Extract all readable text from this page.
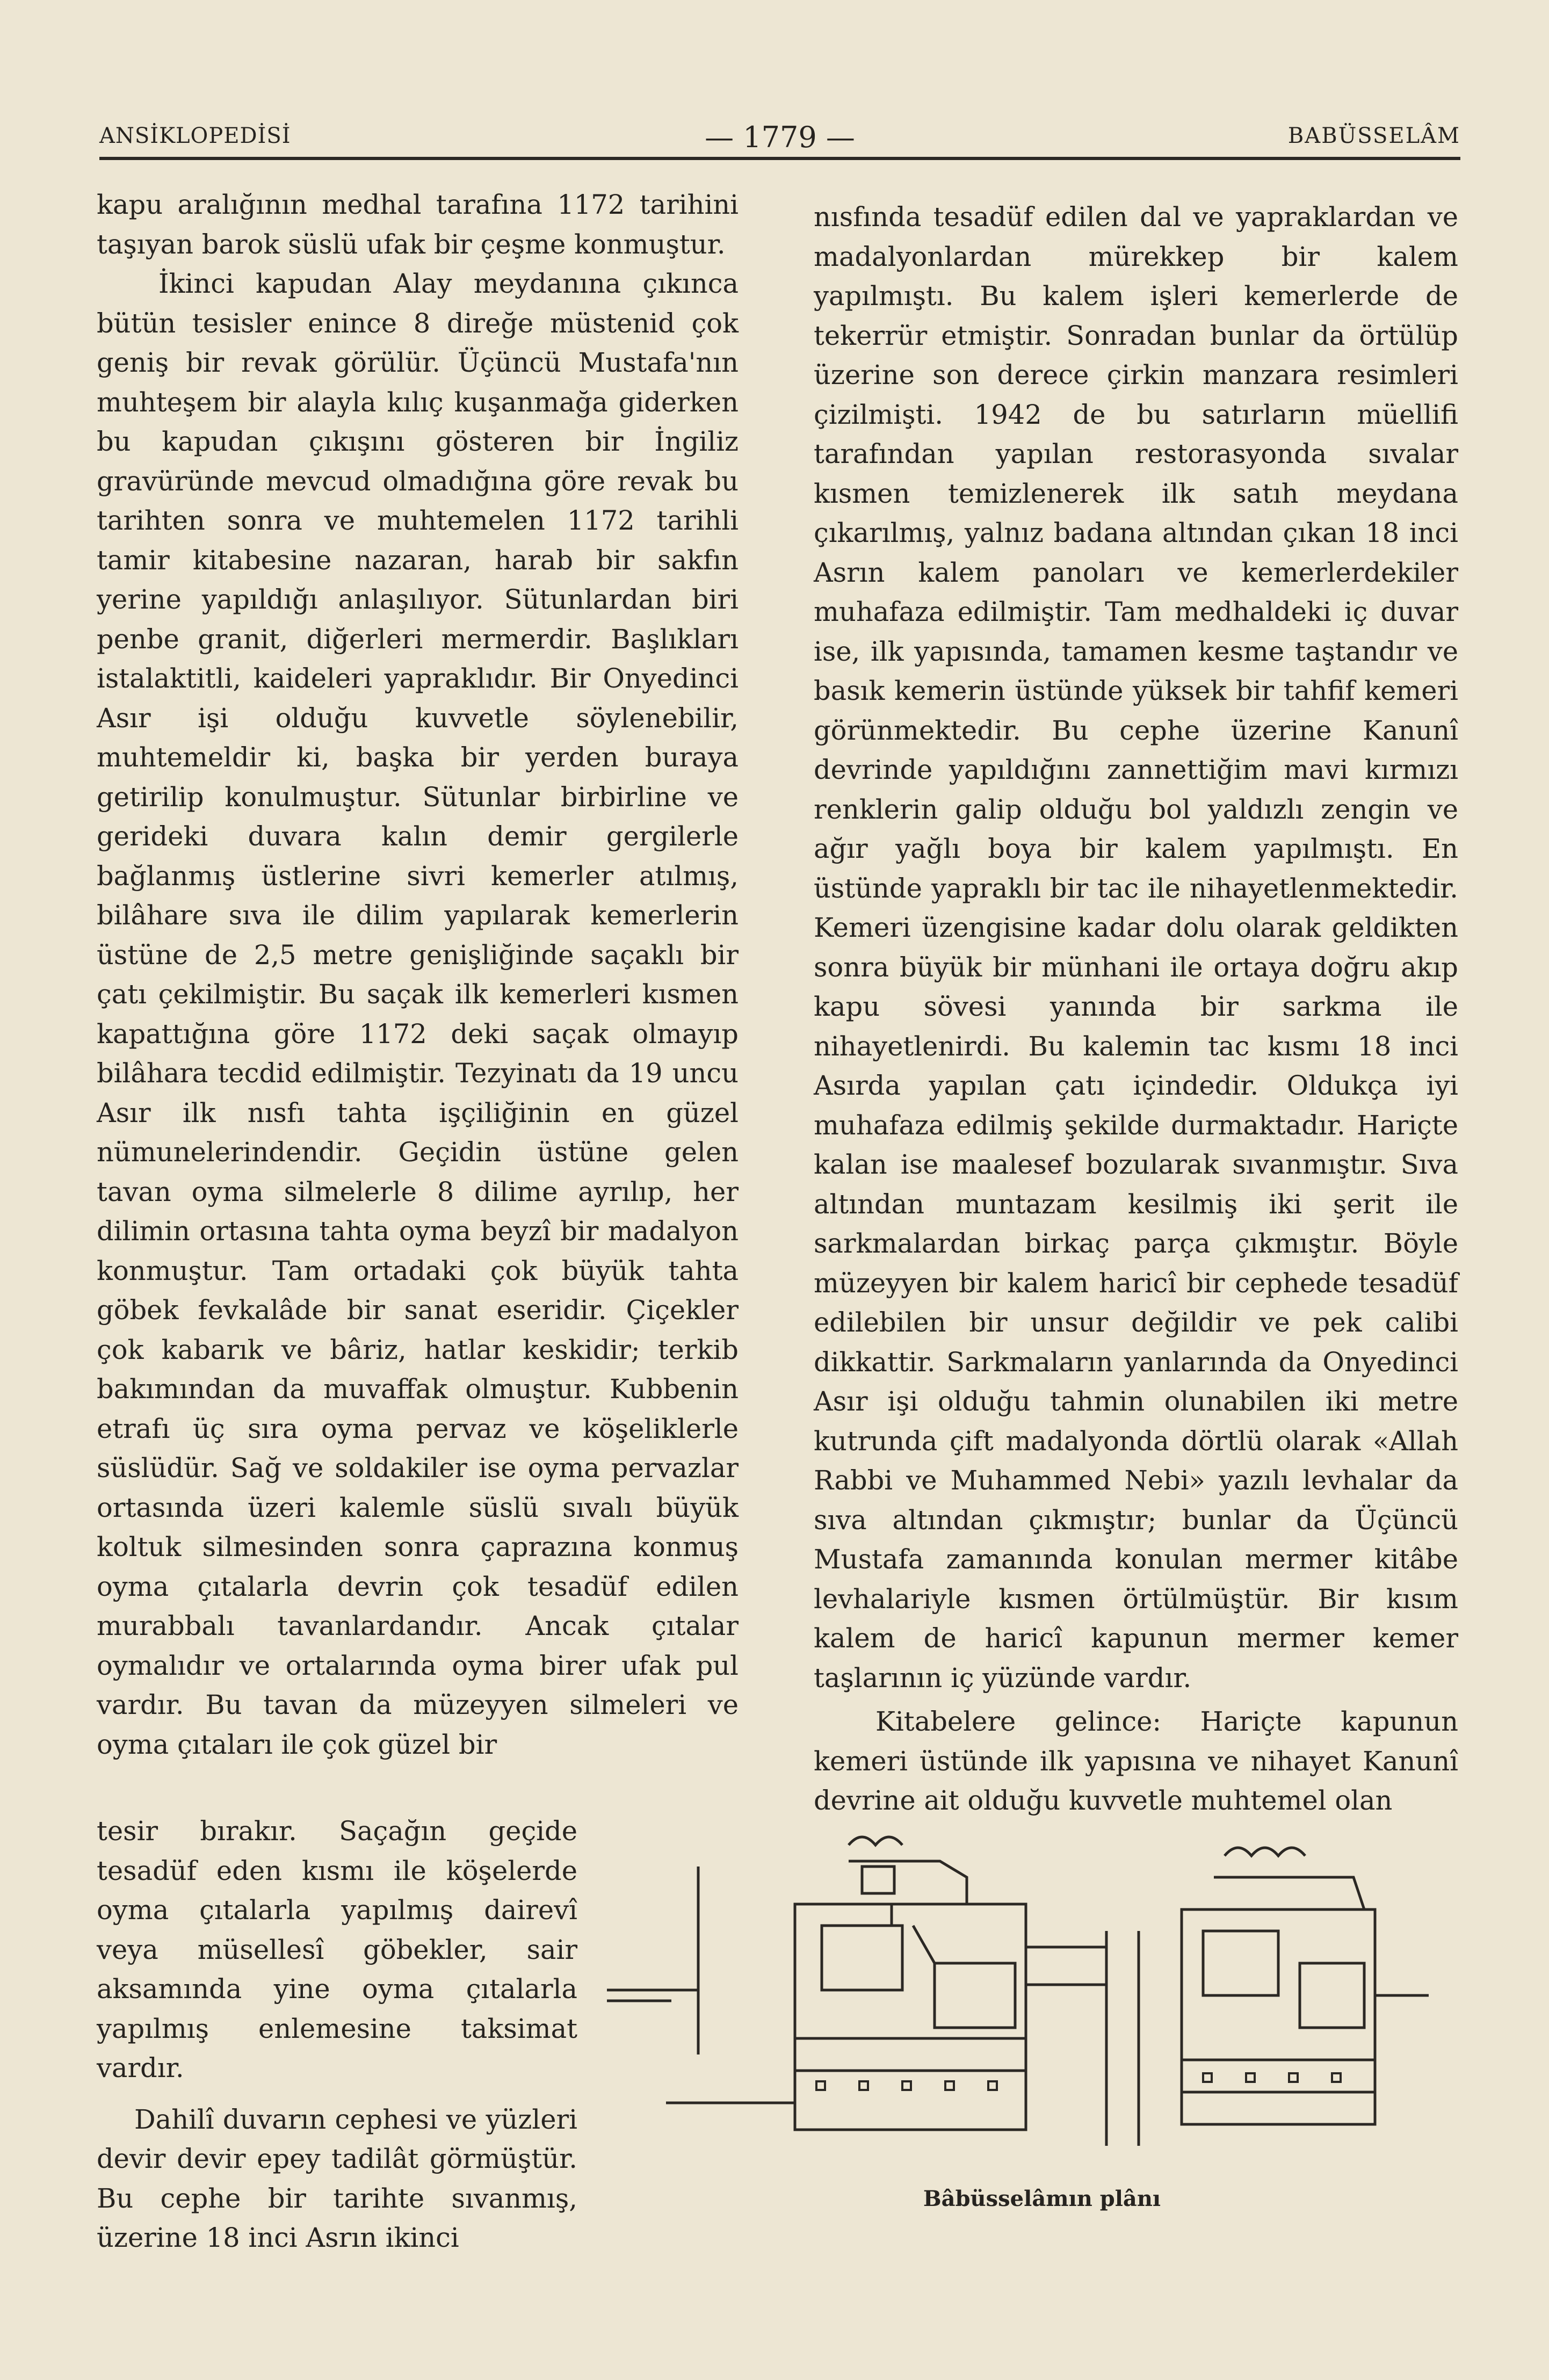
ANSİKLOPEDİSİ	— 1779 —	BABÜSSELÂM

kapu aralığının medhal tarafına 1172 tarihini taşıyan barok süslü ufak bir çeşme konmuştur.

İkinci kapudan Alay meydanına çıkınca bütün tesisler enince 8 direğe müstenid çok geniş bir revak görülür. Üçüncü Mustafa'nın muhteşem bir alayla kılıç kuşanmağa giderken bu kapudan çıkışını gösteren bir İngiliz gravüründe mevcud olmadığına göre revak bu tarihten sonra ve muhtemelen 1172 tarihli tamir kitabesine nazaran, harab bir sakfın yerine yapıldığı anlaşılıyor. Sütunlardan biri penbe granit, diğerleri mermerdir. Başlıkları istalaktitli, kaideleri yapraklıdır. Bir Onyedinci Asır işi olduğu kuvvetle söylenebilir, muhtemeldir ki, başka bir yerden buraya getirilip konulmuştur. Sütunlar birbirline ve gerideki duvara kalın demir gergilerle bağlanmış üstlerine sivri kemerler atılmış, bilâhare sıva ile dilim yapılarak kemerlerin üstüne de 2,5 metre genişliğinde saçaklı bir çatı çekilmiştir. Bu saçak ilk kemerleri kısmen kapattığına göre 1172 deki saçak olmayıp bilâhara tecdid edilmiştir. Tezyinatı da 19 uncu Asır ilk nısfı tahta işçiliğinin en güzel nümunelerindendir. Geçidin üstüne gelen tavan oyma silmelerle 8 dilime ayrılıp, her dilimin ortasına tahta oyma beyzî bir madalyon konmuştur. Tam ortadaki çok büyük tahta göbek fevkalâde bir sanat eseridir. Çiçekler çok kabarık ve bâriz, hatlar keskidir; terkib bakımından da muvaffak olmuştur. Kubbenin etrafı üç sıra oyma pervaz ve köşeliklerle süslüdür. Sağ ve soldakiler ise oyma pervazlar ortasında üzeri kalemle süslü sıvalı büyük koltuk silmesinden sonra çaprazına konmuş oyma çıtalarla devrin çok tesadüf edilen murabbalı tavanlardandır. Ancak çıtalar oymalıdır ve ortalarında oyma birer ufak pul vardır. Bu tavan da müzeyyen silmeleri ve oyma çıtaları ile çok güzel bir

tesir bırakır. Saçağın geçide tesadüf eden kısmı ile köşelerde oyma çıtalarla yapılmış dairevî veya müsellesî göbekler, sair aksamında yine oyma çıtalarla yapılmış enlemesine taksimat vardır.

Dahilî duvarın cephesi ve yüzleri devir devir epey tadilât görmüştür. Bu cephe bir tarihte sıvanmış, üzerine 18 inci Asrın ikinci

nısfında tesadüf edilen dal ve yapraklardan ve madalyonlardan mürekkep bir kalem yapılmıştı. Bu kalem işleri kemerlerde de tekerrür etmiştir. Sonradan bunlar da örtülüp üzerine son derece çirkin manzara resimleri çizilmişti. 1942 de bu satırların müellifi tarafından yapılan restorasyonda sıvalar kısmen temizlenerek ilk satıh meydana çıkarılmış, yalnız badana altından çıkan 18 inci Asrın kalem panoları ve kemerlerdekiler muhafaza edilmiştir. Tam medhaldeki iç duvar ise, ilk yapısında, tamamen kesme taştandır ve basık kemerin üstünde yüksek bir tahfif kemeri görünmektedir. Bu cephe üzerine Kanunî devrinde yapıldığını zannettiğim mavi kırmızı renklerin galip olduğu bol yaldızlı zengin ve ağır yağlı boya bir kalem yapılmıştı. En üstünde yapraklı bir tac ile nihayetlenmektedir. Kemeri üzengisine kadar dolu olarak geldikten sonra büyük bir münhani ile ortaya doğru akıp kapu sövesi yanında bir sarkma ile nihayetlenirdi. Bu kalemin tac kısmı 18 inci Asırda yapılan çatı içindedir. Oldukça iyi muhafaza edilmiş şekilde durmaktadır. Hariçte kalan ise maalesef bozularak sıvanmıştır. Sıva altından muntazam kesilmiş iki şerit ile sarkmalardan birkaç parça çıkmıştır. Böyle müzeyyen bir kalem haricî bir cephede tesadüf edilebilen bir unsur değildir ve pek calibi dikkattir. Sarkmaların yanlarında da Onyedinci Asır işi olduğu tahmin olunabilen iki metre kutrunda çift madalyonda dörtlü olarak «Allah Rabbi ve Muhammed Nebi» yazılı levhalar da sıva altından çıkmıştır; bunlar da Üçüncü Mustafa zamanında konulan mermer kitâbe levhalariyle kısmen örtülmüştür. Bir kısım kalem de haricî kapunun mermer kemer taşlarının iç yüzünde vardır.

Kitabelere gelince: Hariçte kapunun kemeri üstünde ilk yapısına ve nihayet Kanunî devrine ait olduğu kuvvetle muhtemel olan

Bâbüsselâmın plânı
